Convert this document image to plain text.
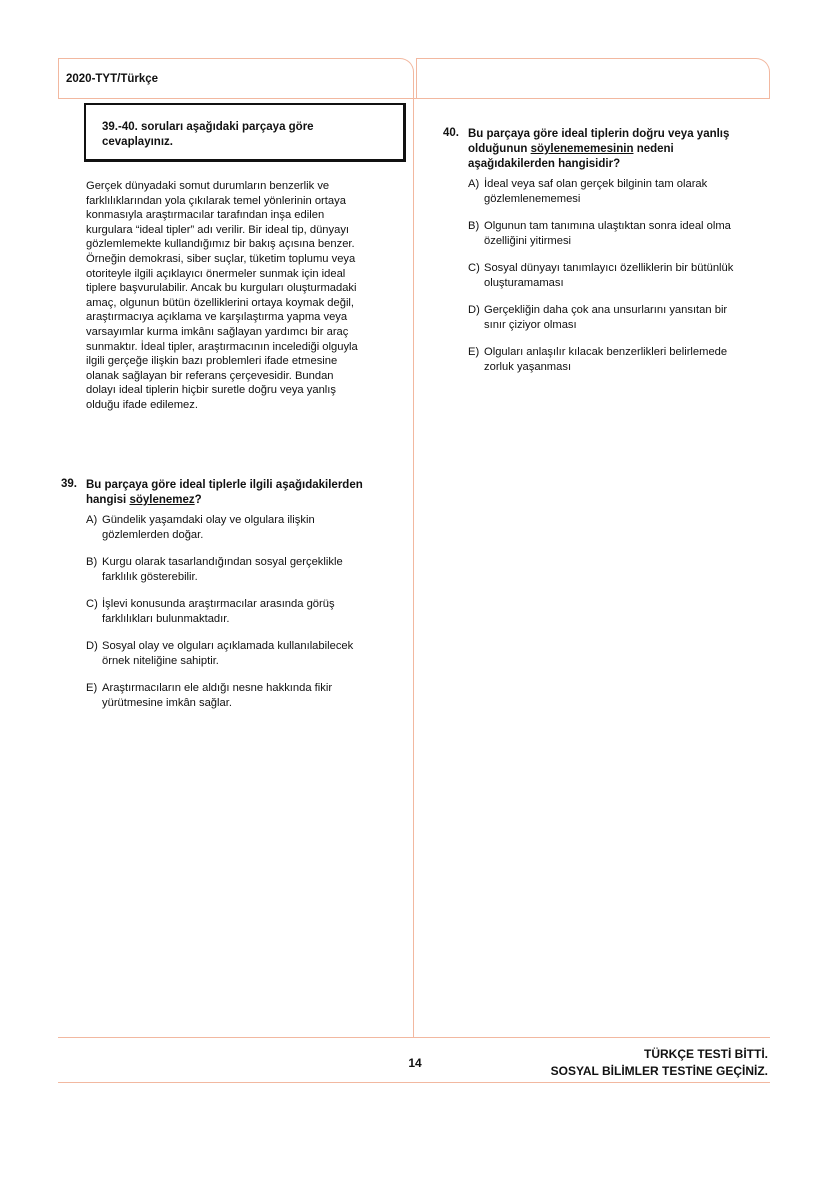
2020-TYT/Türkçe
39.-40. soruları aşağıdaki parçaya göre cevaplayınız.
Gerçek dünyadaki somut durumların benzerlik ve
farklılıklarından yola çıkılarak temel yönlerinin ortaya
konmasıyla araştırmacılar tarafından inşa edilen
kurgulara “ideal tipler” adı verilir. Bir ideal tip, dünyayı
gözlemlemekte kullandığımız bir bakış açısına benzer.
Örneğin demokrasi, siber suçlar, tüketim toplumu veya
otoriteyle ilgili açıklayıcı önermeler sunmak için ideal
tiplere başvurulabilir. Ancak bu kurguları oluşturmadaki
amaç, olgunun bütün özelliklerini ortaya koymak değil,
araştırmacıya açıklama ve karşılaştırma yapma veya
varsayımlar kurma imkânı sağlayan yardımcı bir araç
sunmaktır. İdeal tipler, araştırmacının incelediği olguyla
ilgili gerçeğe ilişkin bazı problemleri ifade etmesine
olanak sağlayan bir referans çerçevesidir. Bundan
dolayı ideal tiplerin hiçbir suretle doğru veya yanlış
olduğu ifade edilemez.
39. Bu parçaya göre ideal tiplerle ilgili aşağıdakilerden
hangisi söylenemez?
A) Gündelik yaşamdaki olay ve olgulara ilişkin
gözlemlerden doğar.
B) Kurgu olarak tasarlandığından sosyal gerçeklikle
farklılık gösterebilir.
C) İşlevi konusunda araştırmacılar arasında görüş
farklılıkları bulunmaktadır.
D) Sosyal olay ve olguları açıklamada kullanılabilecek
örnek niteliğine sahiptir.
E) Araştırmacıların ele aldığı nesne hakkında fikir
yürütmesine imkân sağlar.
40. Bu parçaya göre ideal tiplerin doğru veya yanlış
olduğunun söylenememesinin nedeni
aşağıdakilerden hangisidir?
A) İdeal veya saf olan gerçek bilginin tam olarak
gözlemlenememesi
B) Olgunun tam tanımına ulaştıktan sonra ideal olma
özelliğini yitirmesi
C) Sosyal dünyayı tanımlayıcı özelliklerin bir bütünlük
oluşturamaması
D) Gerçekliğin daha çok ana unsurlarını yansıtan bir
sınır çiziyor olması
E) Olguları anlaşılır kılacak benzerlikleri belirlemede
zorluk yaşanması
14
TÜRKÇE TESTİ BİTTİ.
SOSYAL BİLİMLER TESTİNE GEÇİNİZ.
